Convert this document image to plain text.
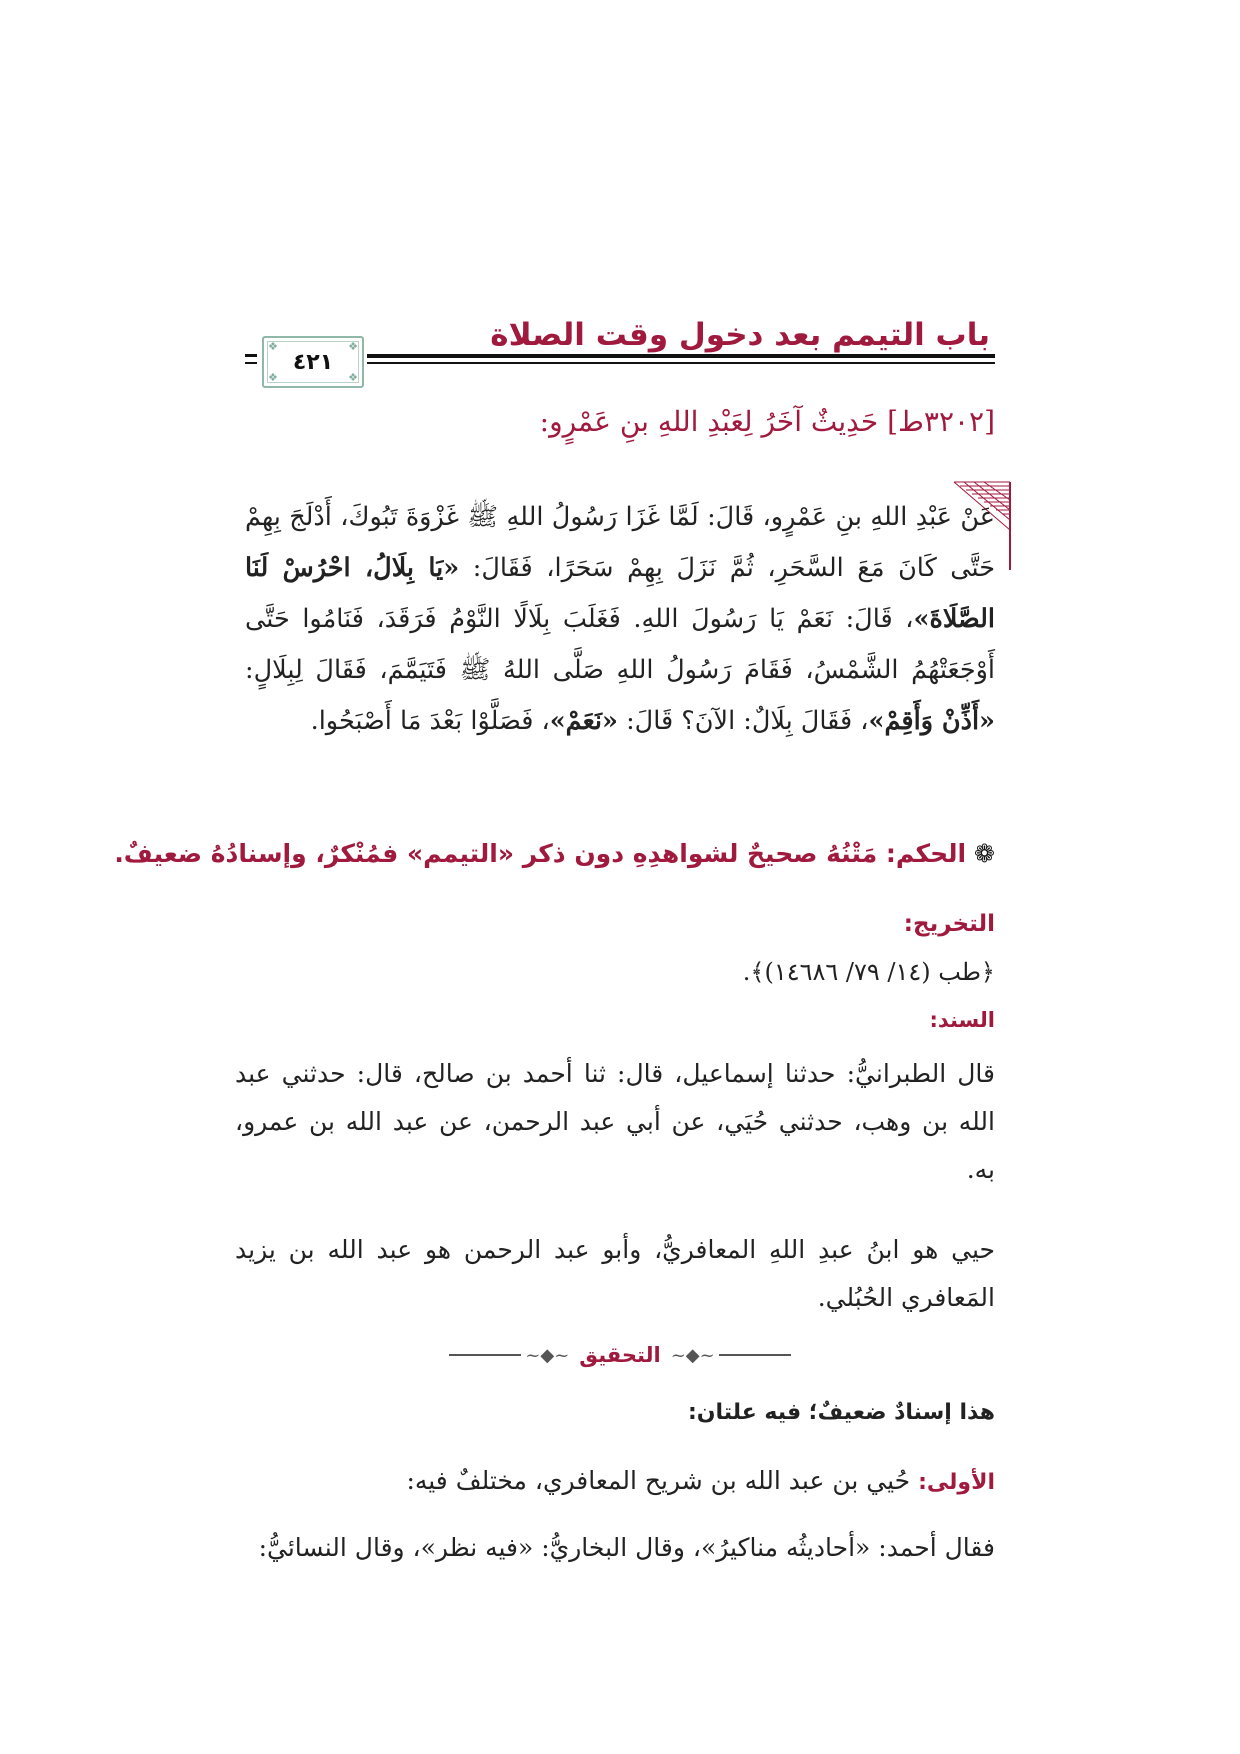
باب التيمم بعد دخول وقت الصلاة
❖	❖
❖	❖
٤٢١
[٣٢٠٢ط] حَدِيثٌ آخَرُ لِعَبْدِ اللهِ بنِ عَمْرٍو:
عَنْ عَبْدِ اللهِ بنِ عَمْرٍو، قَالَ: لَمَّا غَزَا رَسُولُ اللهِ ﷺ غَزْوَةَ تَبُوكَ، أَدْلَجَ بِهِمْ حَتَّى كَانَ مَعَ السَّحَرِ، ثُمَّ نَزَلَ بِهِمْ سَحَرًا، فَقَالَ: «يَا بِلَالُ، احْرُسْ لَنَا الصَّلَاةَ»، قَالَ: نَعَمْ يَا رَسُولَ اللهِ. فَغَلَبَ بِلَالًا النَّوْمُ فَرَقَدَ، فَنَامُوا حَتَّى أَوْجَعَتْهُمُ الشَّمْسُ، فَقَامَ رَسُولُ اللهِ صَلَّى اللهُ ﷺ فَتَيَمَّمَ، فَقَالَ لِبِلَالٍ: «أَذِّنْ وَأَقِمْ»، فَقَالَ بِلَالٌ: الآنَ؟ قَالَ: «نَعَمْ»، فَصَلَّوْا بَعْدَ مَا أَصْبَحُوا.
❁الحكم: مَتْنُهُ صحيحٌ لشواهدِهِ دون ذكر «التيمم» فمُنْكرٌ، وإسنادُهُ ضعيفٌ.
التخريج:
﴿طب (١٤/ ٧٩/ ١٤٦٨٦)﴾.
السند:
قال الطبرانيُّ: حدثنا إسماعيل، قال: ثنا أحمد بن صالح، قال: حدثني عبد الله بن وهب، حدثني حُيَي، عن أبي عبد الرحمن، عن عبد الله بن عمرو، به.
حيي هو ابنُ عبدِ اللهِ المعافريُّ، وأبو عبد الرحمن هو عبد الله بن يزيد المَعافري الحُبُلي.
~◆~ التحقيق ~◆~
هذا إسنادٌ ضعيفٌ؛ فيه علتان:
الأولى: حُيي بن عبد الله بن شريح المعافري، مختلفٌ فيه:
فقال أحمد: «أحاديثُه مناكيرُ»، وقال البخاريُّ: «فيه نظر»، وقال النسائيُّ:
